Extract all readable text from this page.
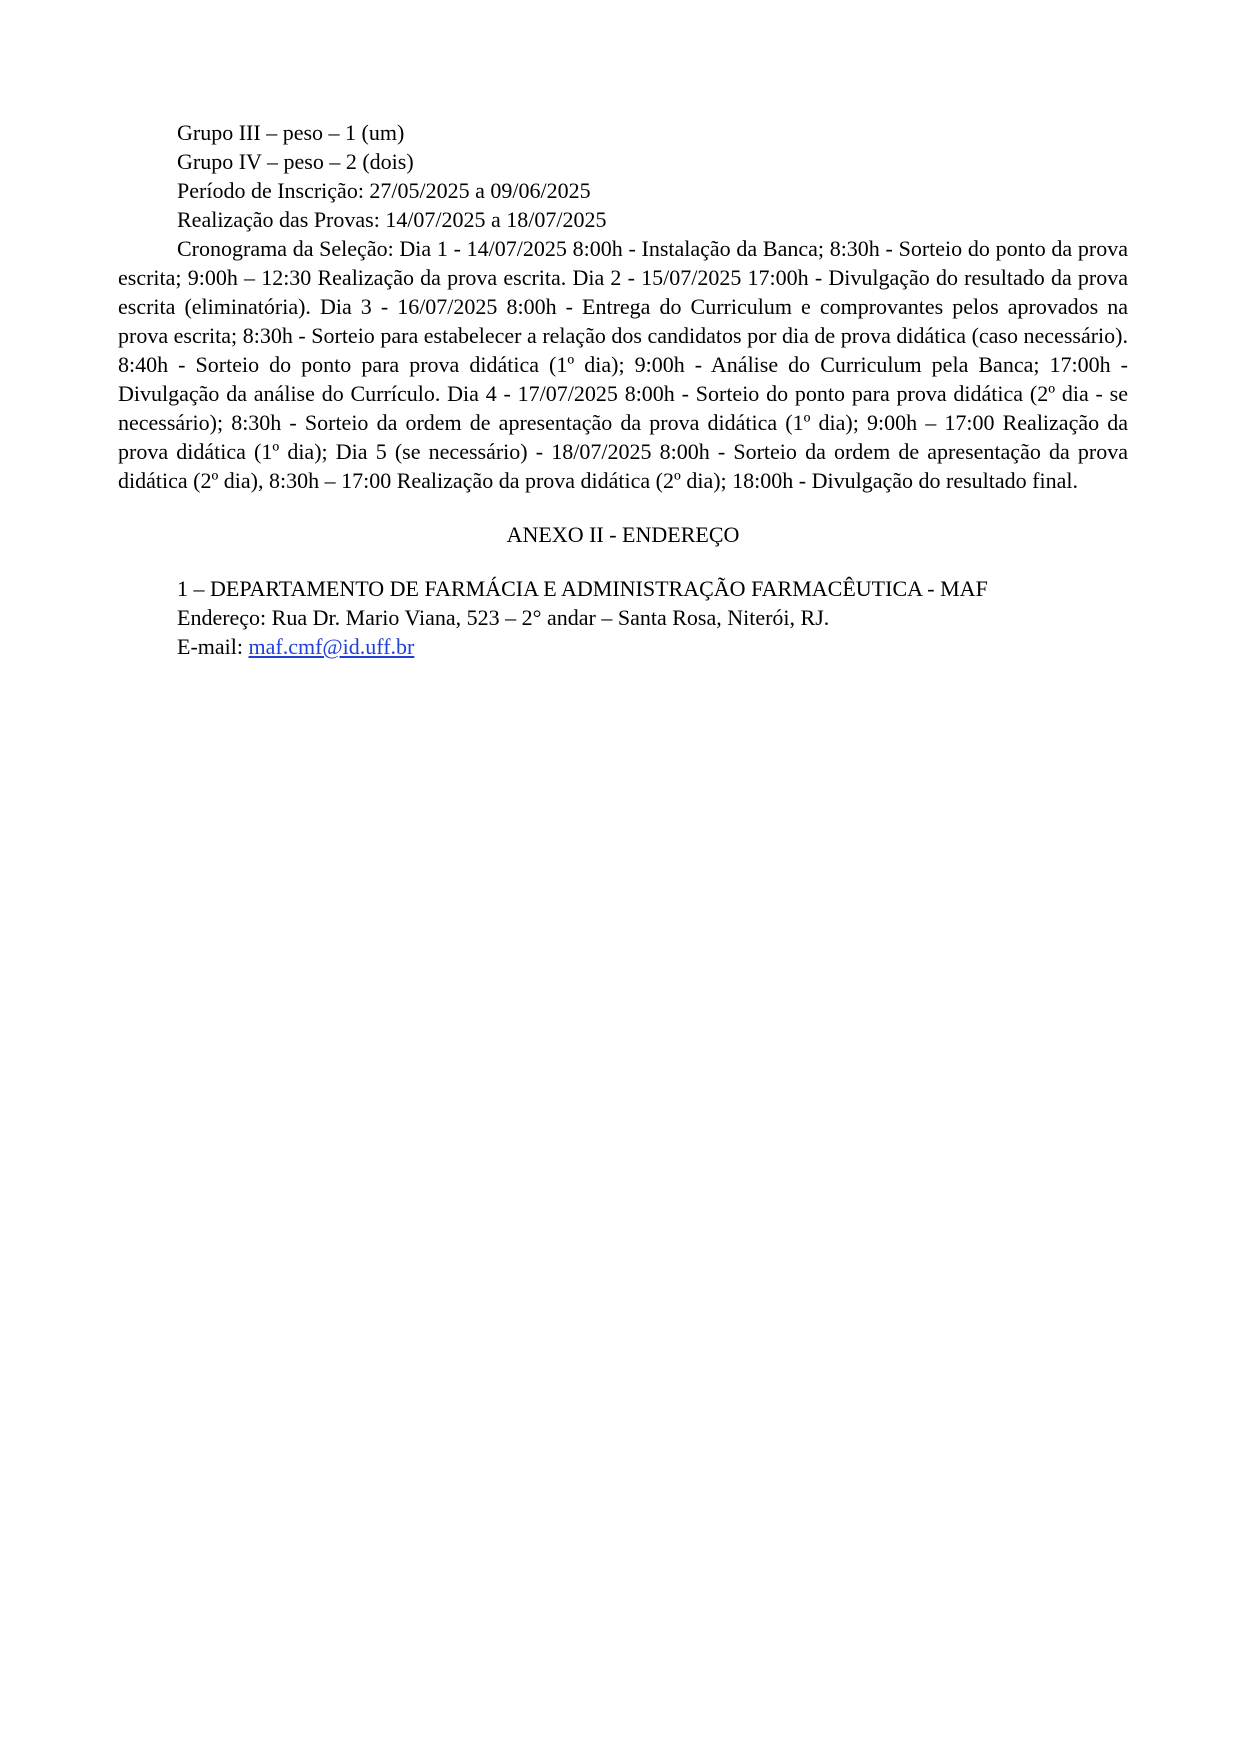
Grupo III – peso – 1 (um)

Grupo IV – peso – 2 (dois)

Período de Inscrição: 27/05/2025 a 09/06/2025

Realização das Provas: 14/07/2025 a 18/07/2025

Cronograma da Seleção: Dia 1 - 14/07/2025 8:00h - Instalação da Banca; 8:30h - Sorteio do ponto da prova escrita; 9:00h – 12:30 Realização da prova escrita. Dia 2 - 15/07/2025 17:00h - Divulgação do resultado da prova escrita (eliminatória). Dia 3 - 16/07/2025 8:00h - Entrega do Curriculum e comprovantes pelos aprovados na prova escrita; 8:30h - Sorteio para estabelecer a relação dos candidatos por dia de prova didática (caso necessário). 8:40h - Sorteio do ponto para prova didática (1º dia); 9:00h - Análise do Curriculum pela Banca; 17:00h - Divulgação da análise do Currículo. Dia 4 - 17/07/2025 8:00h - Sorteio do ponto para prova didática (2º dia - se necessário); 8:30h - Sorteio da ordem de apresentação da prova didática (1º dia); 9:00h – 17:00 Realização da prova didática (1º dia); Dia 5 (se necessário) - 18/07/2025 8:00h - Sorteio da ordem de apresentação da prova didática (2º dia), 8:30h – 17:00 Realização da prova didática (2º dia); 18:00h - Divulgação do resultado final.

ANEXO II - ENDEREÇO

1 – DEPARTAMENTO DE FARMÁCIA E ADMINISTRAÇÃO FARMACÊUTICA - MAF

Endereço: Rua Dr. Mario Viana, 523 – 2° andar – Santa Rosa, Niterói, RJ.

E-mail: maf.cmf@id.uff.br
